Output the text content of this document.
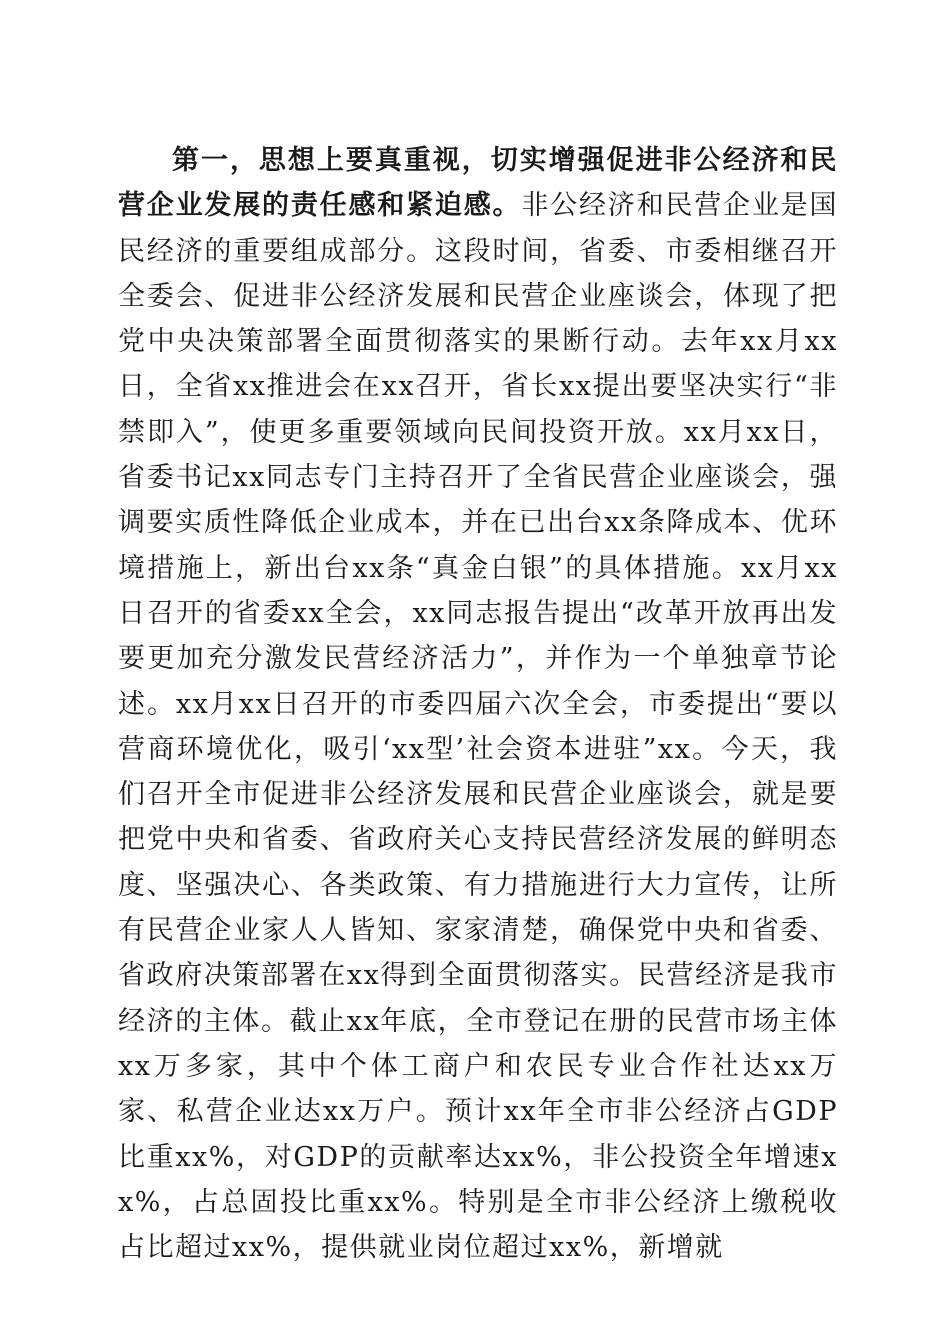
第一，思想上要真重视，切实增强促进非公经济和民营企业发展的责任感和紧迫感。非公经济和民营企业是国民经济的重要组成部分。这段时间，省委、市委相继召开全委会、促进非公经济发展和民营企业座谈会，体现了把党中央决策部署全面贯彻落实的果断行动。去年xx月xx日，全省xx推进会在xx召开，省长xx提出要坚决实行“非禁即入”，使更多重要领域向民间投资开放。xx月xx日，省委书记xx同志专门主持召开了全省民营企业座谈会，强调要实质性降低企业成本，并在已出台xx条降成本、优环境措施上，新出台xx条“真金白银”的具体措施。xx月xx日召开的省委xx全会，xx同志报告提出“改革开放再出发要更加充分激发民营经济活力”，并作为一个单独章节论述。xx月xx日召开的市委四届六次全会，市委提出“要以营商环境优化，吸引‘xx型’社会资本进驻”xx。今天，我们召开全市促进非公经济发展和民营企业座谈会，就是要把党中央和省委、省政府关心支持民营经济发展的鲜明态度、坚强决心、各类政策、有力措施进行大力宣传，让所有民营企业家人人皆知、家家清楚，确保党中央和省委、省政府决策部署在xx得到全面贯彻落实。民营经济是我市经济的主体。截止xx年底，全市登记在册的民营市场主体xx万多家，其中个体工商户和农民专业合作社达xx万家、私营企业达xx万户。预计xx年全市非公经济占GDP比重xx%，对GDP的贡献率达xx%，非公投资全年增速xx%，占总固投比重xx%。特别是全市非公经济上缴税收占比超过xx%，提供就业岗位超过xx%，新增就
